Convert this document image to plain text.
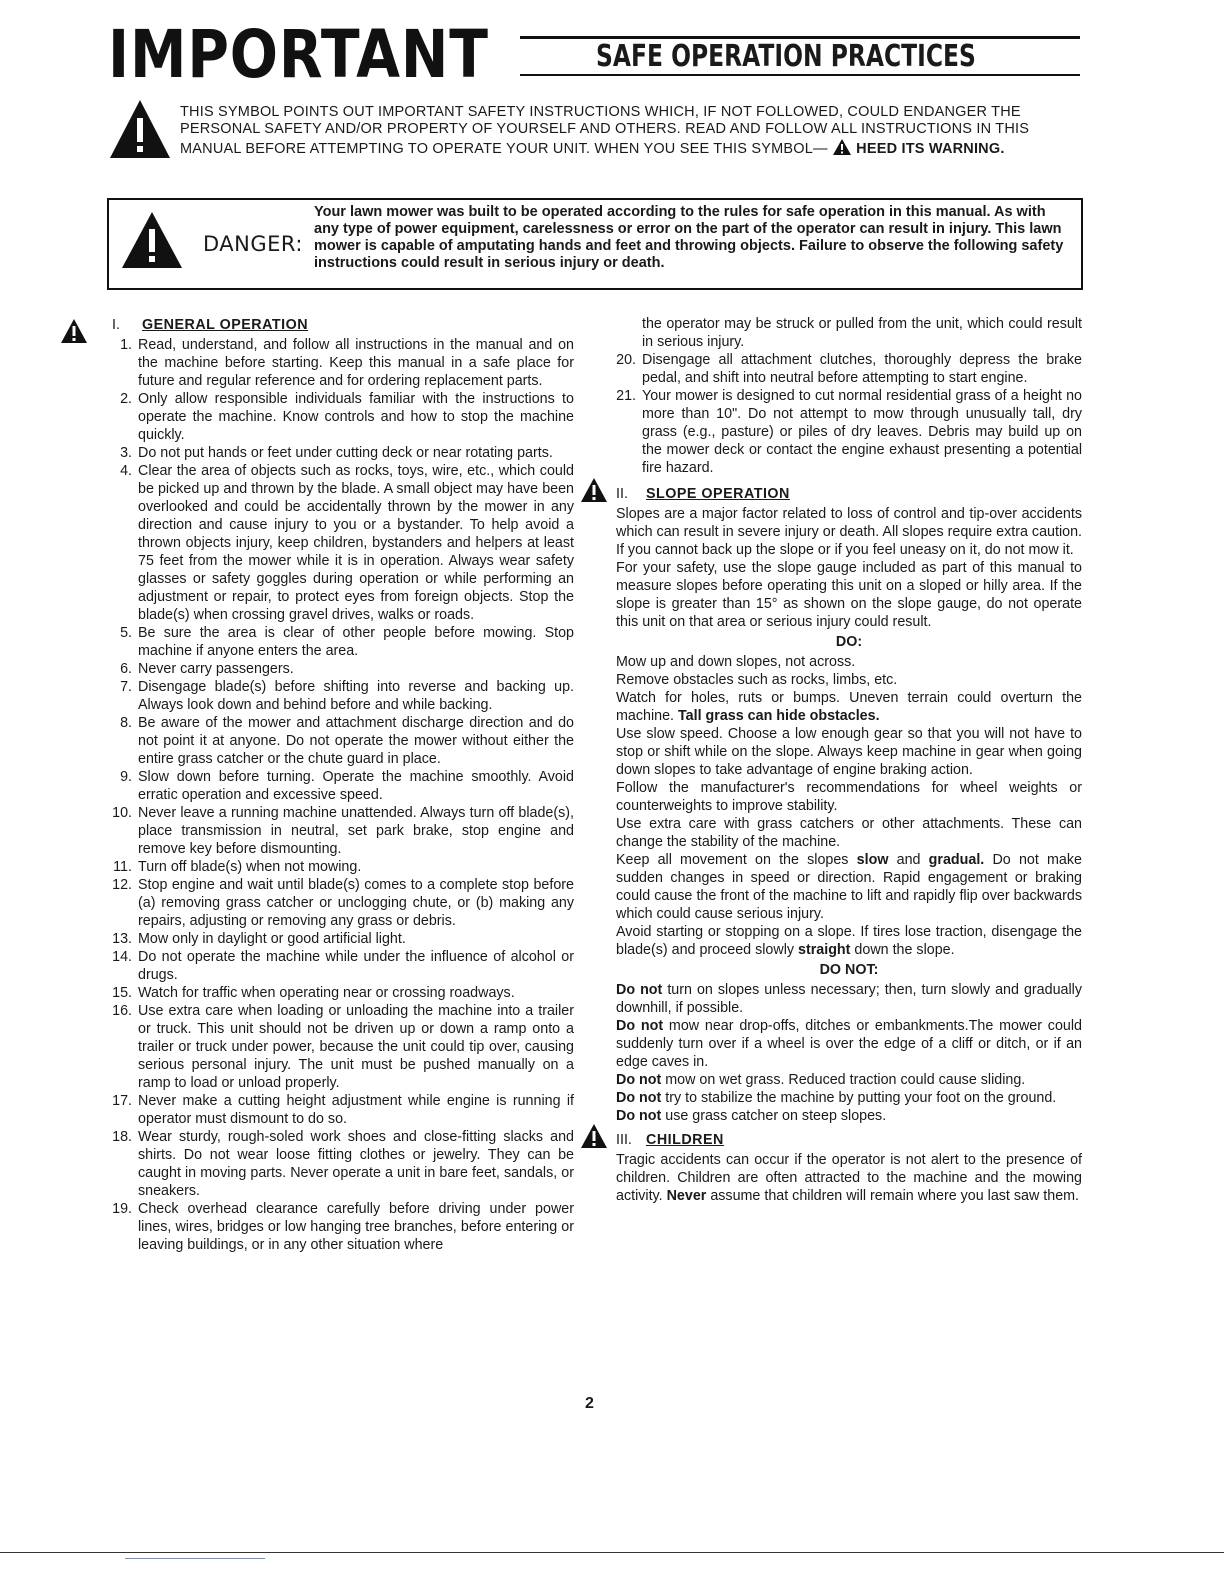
IMPORTANT	SAFE OPERATION PRACTICES
THIS SYMBOL POINTS OUT IMPORTANT SAFETY INSTRUCTIONS WHICH, IF NOT FOLLOWED, COULD ENDANGER THE PERSONAL SAFETY AND/OR PROPERTY OF YOURSELF AND OTHERS. READ AND FOLLOW ALL INSTRUCTIONS IN THIS MANUAL BEFORE ATTEMPTING TO OPERATE YOUR UNIT. WHEN YOU SEE THIS SYMBOL— HEED ITS WARNING.
DANGER:
Your lawn mower was built to be operated according to the rules for safe operation in this manual. As with any type of power equipment, carelessness or error on the part of the operator can result in injury. This lawn mower is capable of amputating hands and feet and throwing objects. Failure to observe the following safety instructions could result in serious injury or death.
I. GENERAL OPERATION
1. Read, understand, and follow all instructions in the manual and on the machine before starting. Keep this manual in a safe place for future and regular reference and for ordering replacement parts.
2. Only allow responsible individuals familiar with the instructions to operate the machine. Know controls and how to stop the machine quickly.
3. Do not put hands or feet under cutting deck or near rotating parts.
4. Clear the area of objects such as rocks, toys, wire, etc., which could be picked up and thrown by the blade. A small object may have been overlooked and could be accidentally thrown by the mower in any direction and cause injury to you or a bystander. To help avoid a thrown objects injury, keep children, bystanders and helpers at least 75 feet from the mower while it is in operation. Always wear safety glasses or safety goggles during operation or while performing an adjustment or repair, to protect eyes from foreign objects. Stop the blade(s) when crossing gravel drives, walks or roads.
5. Be sure the area is clear of other people before mowing. Stop machine if anyone enters the area.
6. Never carry passengers.
7. Disengage blade(s) before shifting into reverse and backing up. Always look down and behind before and while backing.
8. Be aware of the mower and attachment discharge direction and do not point it at anyone. Do not operate the mower without either the entire grass catcher or the chute guard in place.
9. Slow down before turning. Operate the machine smoothly. Avoid erratic operation and excessive speed.
10. Never leave a running machine unattended. Always turn off blade(s), place transmission in neutral, set park brake, stop engine and remove key before dismounting.
11. Turn off blade(s) when not mowing.
12. Stop engine and wait until blade(s) comes to a complete stop before (a) removing grass catcher or unclogging chute, or (b) making any repairs, adjusting or removing any grass or debris.
13. Mow only in daylight or good artificial light.
14. Do not operate the machine while under the influence of alcohol or drugs.
15. Watch for traffic when operating near or crossing roadways.
16. Use extra care when loading or unloading the machine into a trailer or truck. This unit should not be driven up or down a ramp onto a trailer or truck under power, because the unit could tip over, causing serious personal injury. The unit must be pushed manually on a ramp to load or unload properly.
17. Never make a cutting height adjustment while engine is running if operator must dismount to do so.
18. Wear sturdy, rough-soled work shoes and close-fitting slacks and shirts. Do not wear loose fitting clothes or jewelry. They can be caught in moving parts. Never operate a unit in bare feet, sandals, or sneakers.
19. Check overhead clearance carefully before driving under power lines, wires, bridges or low hanging tree branches, before entering or leaving buildings, or in any other situation where
the operator may be struck or pulled from the unit, which could result in serious injury.
20. Disengage all attachment clutches, thoroughly depress the brake pedal, and shift into neutral before attempting to start engine.
21. Your mower is designed to cut normal residential grass of a height no more than 10". Do not attempt to mow through unusually tall, dry grass (e.g., pasture) or piles of dry leaves. Debris may build up on the mower deck or contact the engine exhaust presenting a potential fire hazard.
II. SLOPE OPERATION

Slopes are a major factor related to loss of control and tip-over accidents which can result in severe injury or death. All slopes require extra caution. If you cannot back up the slope or if you feel uneasy on it, do not mow it.

For your safety, use the slope gauge included as part of this manual to measure slopes before operating this unit on a sloped or hilly area. If the slope is greater than 15° as shown on the slope gauge, do not operate this unit on that area or serious injury could result.

DO:

Mow up and down slopes, not across.

Remove obstacles such as rocks, limbs, etc.

Watch for holes, ruts or bumps. Uneven terrain could overturn the machine. Tall grass can hide obstacles.

Use slow speed. Choose a low enough gear so that you will not have to stop or shift while on the slope. Always keep machine in gear when going down slopes to take advantage of engine braking action.

Follow the manufacturer's recommendations for wheel weights or counterweights to improve stability.

Use extra care with grass catchers or other attachments. These can change the stability of the machine.

Keep all movement on the slopes slow and gradual. Do not make sudden changes in speed or direction. Rapid engagement or braking could cause the front of the machine to lift and rapidly flip over backwards which could cause serious injury.

Avoid starting or stopping on a slope. If tires lose traction, disengage the blade(s) and proceed slowly straight down the slope.

DO NOT:

Do not turn on slopes unless necessary; then, turn slowly and gradually downhill, if possible.

Do not mow near drop-offs, ditches or embankments.The mower could suddenly turn over if a wheel is over the edge of a cliff or ditch, or if an edge caves in.

Do not mow on wet grass. Reduced traction could cause sliding.

Do not try to stabilize the machine by putting your foot on the ground.

Do not use grass catcher on steep slopes.

III. CHILDREN

Tragic accidents can occur if the operator is not alert to the presence of children. Children are often attracted to the machine and the mowing activity. Never assume that children will remain where you last saw them.

2
